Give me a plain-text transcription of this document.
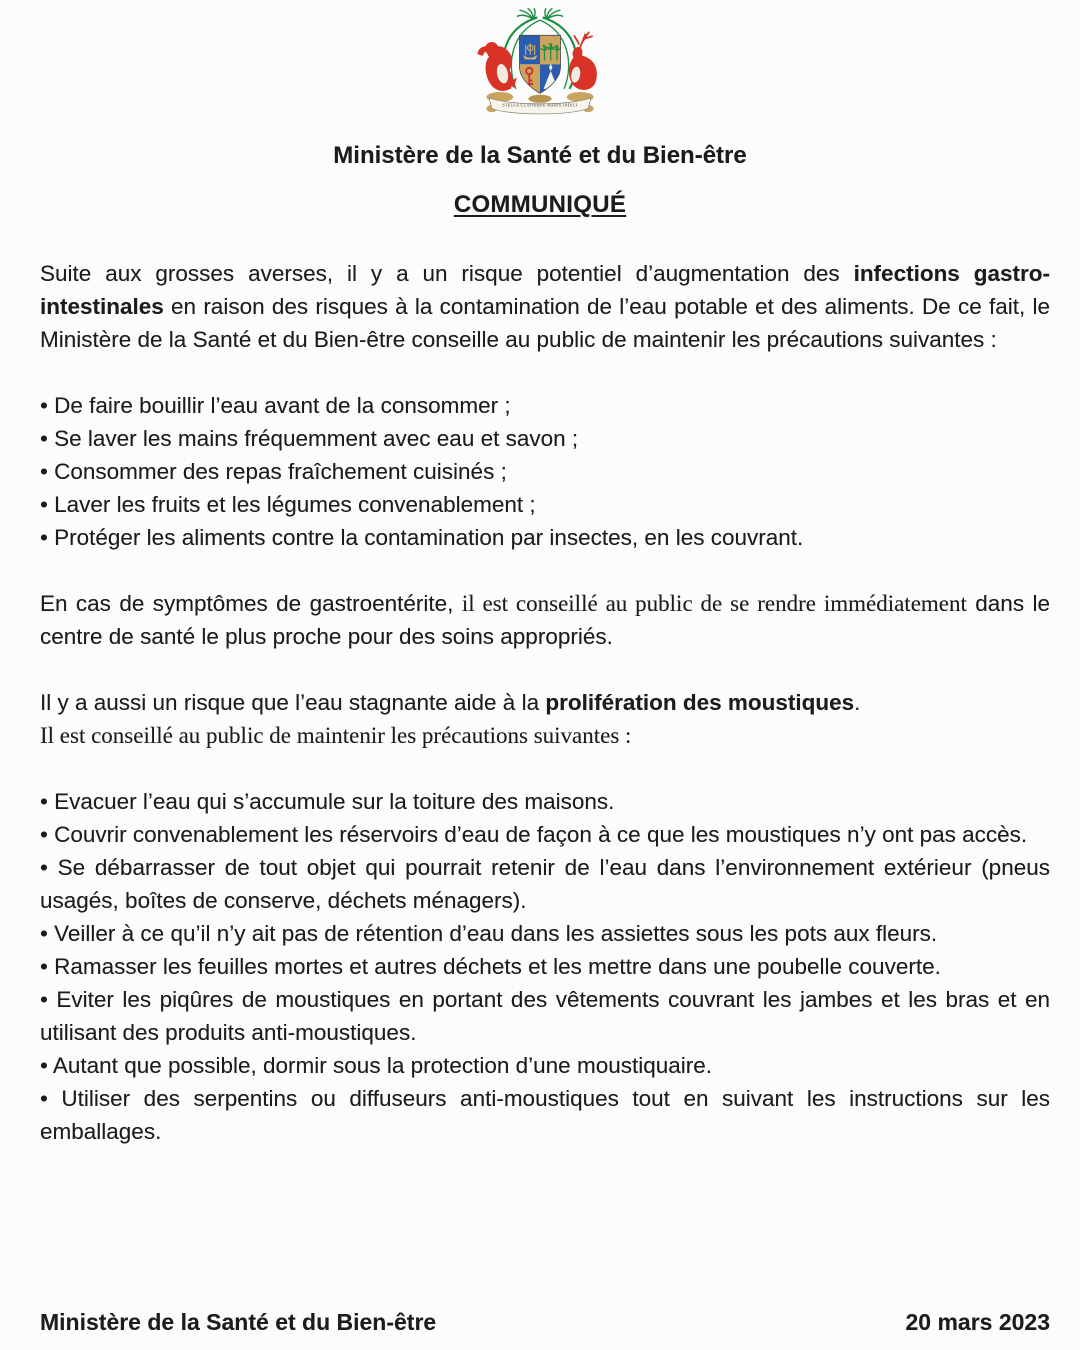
STELLA CLAVISQUE MARIS INDICI
Ministère de la Santé et du Bien-être
COMMUNIQUÉ

Suite aux grosses averses, il y a un risque potentiel d’augmentation des infections gastro-intestinales en raison des risques à la contamination de l’eau potable et des aliments. De ce fait, le Ministère de la Santé et du Bien-être conseille au public de maintenir les précautions suivantes :

• De faire bouillir l’eau avant de la consommer ;

• Se laver les mains fréquemment avec eau et savon ;

• Consommer des repas fraîchement cuisinés ;

• Laver les fruits et les légumes convenablement ;

• Protéger les aliments contre la contamination par insectes, en les couvrant.

En cas de symptômes de gastroentérite, il est conseillé au public de se rendre immédiatement dans le centre de santé le plus proche pour des soins appropriés.

Il y a aussi un risque que l’eau stagnante aide à la prolifération des moustiques.

Il est conseillé au public de maintenir les précautions suivantes :

• Evacuer l’eau qui s’accumule sur la toiture des maisons.

• Couvrir convenablement les réservoirs d’eau de façon à ce que les moustiques n’y ont pas accès.

• Se débarrasser de tout objet qui pourrait retenir de l’eau dans l’environnement extérieur (pneus usagés, boîtes de conserve, déchets ménagers).

• Veiller à ce qu’il n’y ait pas de rétention d’eau dans les assiettes sous les pots aux fleurs.

• Ramasser les feuilles mortes et autres déchets et les mettre dans une poubelle couverte.

• Eviter les piqûres de moustiques en portant des vêtements couvrant les jambes et les bras et en utilisant des produits anti-moustiques.

• Autant que possible, dormir sous la protection d’une moustiquaire.

• Utiliser des serpentins ou diffuseurs anti-moustiques tout en suivant les instructions sur les emballages.

Ministère de la Santé et du Bien-être	20 mars 2023
